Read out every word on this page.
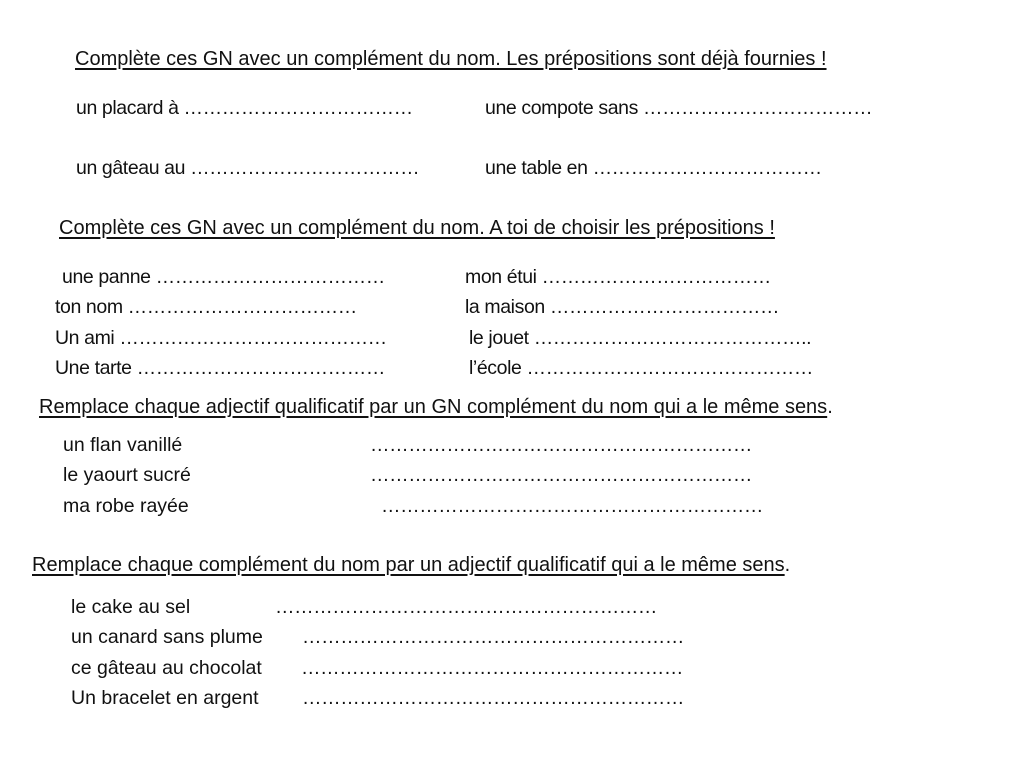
Complète ces GN avec un complément du nom. Les prépositions sont déjà fournies !
un placard à ………………………………	une compote sans ………………………………
un gâteau au ………………………………	une table en ………………………………
Complète ces GN avec un complément du nom. A toi de choisir les prépositions !
une panne ………………………………	mon étui ………………………………
ton nom ………………………………	la maison ………………………………
Un ami ……………………………………	le jouet ……………………………………..
Une tarte …………………………………	l’école ………………………………………
Remplace chaque adjectif qualificatif par un GN complément du nom qui a le même sens.
un flan vanillé	……………………………………………………
le yaourt sucré	……………………………………………………
ma robe rayée	……………………………………………………
Remplace chaque complément du nom par un adjectif qualificatif qui a le même sens.
le cake au sel	……………………………………………………
un canard sans plume ……………………………………………………
ce gâteau au chocolat ……………………………………………………
Un bracelet en argent ……………………………………………………
